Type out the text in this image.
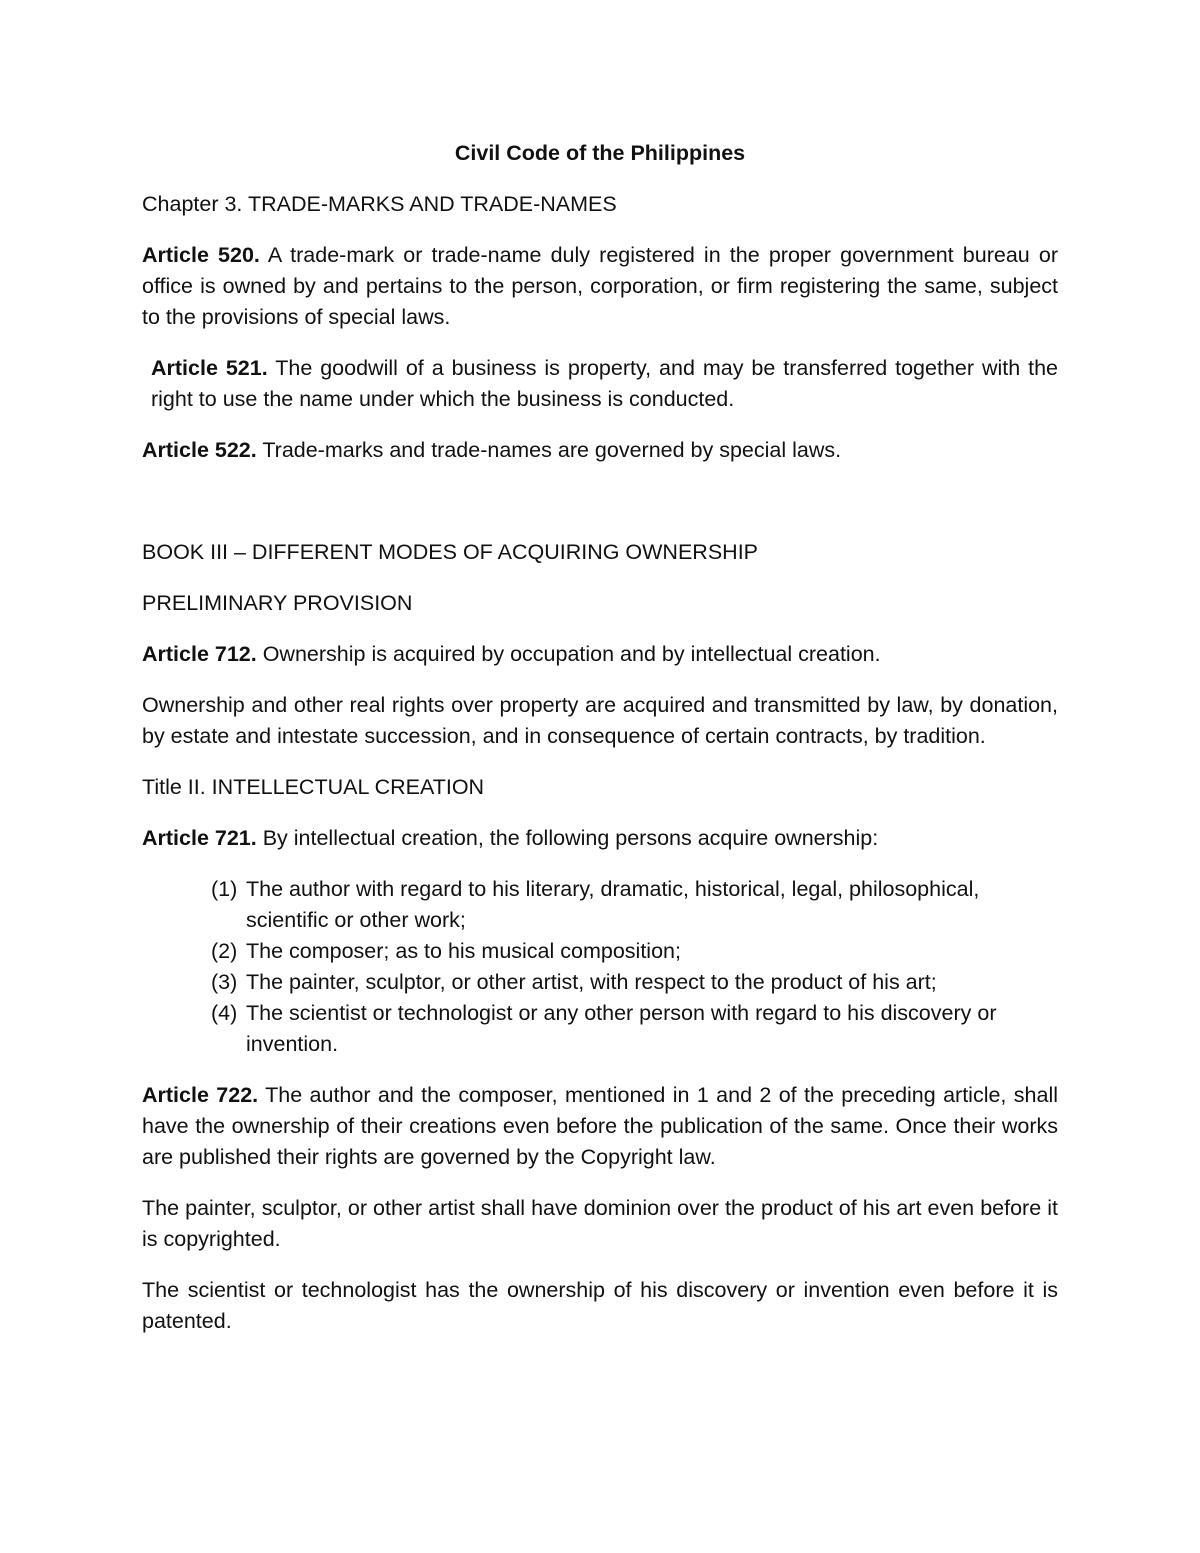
Civil Code of the Philippines

Chapter 3. TRADE-MARKS AND TRADE-NAMES

Article 520. A trade-mark or trade-name duly registered in the proper government bureau or office is owned by and pertains to the person, corporation, or firm registering the same, subject to the provisions of special laws.

Article 521. The goodwill of a business is property, and may be transferred together with the right to use the name under which the business is conducted.

Article 522. Trade-marks and trade-names are governed by special laws.

BOOK III – DIFFERENT MODES OF ACQUIRING OWNERSHIP

PRELIMINARY PROVISION

Article 712. Ownership is acquired by occupation and by intellectual creation.

Ownership and other real rights over property are acquired and transmitted by law, by donation, by estate and intestate succession, and in consequence of certain contracts, by tradition.

Title II. INTELLECTUAL CREATION

Article 721. By intellectual creation, the following persons acquire ownership:

(1) The author with regard to his literary, dramatic, historical, legal, philosophical, scientific or other work;
(2) The composer; as to his musical composition;
(3) The painter, sculptor, or other artist, with respect to the product of his art;
(4) The scientist or technologist or any other person with regard to his discovery or invention.

Article 722. The author and the composer, mentioned in 1 and 2 of the preceding article, shall have the ownership of their creations even before the publication of the same. Once their works are published their rights are governed by the Copyright law.

The painter, sculptor, or other artist shall have dominion over the product of his art even before it is copyrighted.

The scientist or technologist has the ownership of his discovery or invention even before it is patented.
